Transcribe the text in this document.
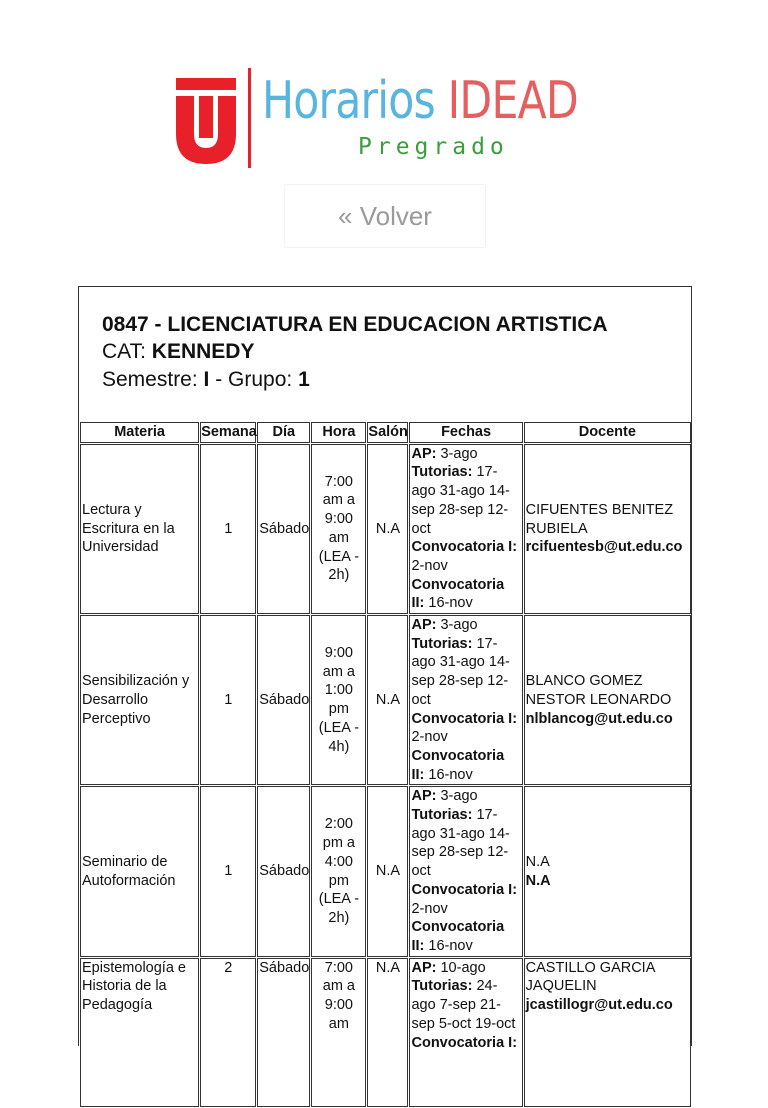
Horarios IDEAD
Pregrado
« Volver
0847 - LICENCIATURA EN EDUCACION ARTISTICA
CAT: KENNEDY
Semestre: I - Grupo: 1
Materia	Semana	Día	Hora	Salón	Fechas	Docente
Lectura y Escritura en la Universidad	1	Sábado	7:00 am a 9:00 am (LEA - 2h)	N.A	AP: 3-ago
Tutorias: 17-ago 31-ago 14-sep 28-sep 12-oct
Convocatoria I: 2-nov
Convocatoria II: 16-nov	CIFUENTES BENITEZ RUBIELA
rcifuentesb@ut.edu.co

Sensibilización y Desarrollo Perceptivo	1	Sábado	9:00 am a 1:00 pm (LEA - 4h)	N.A	AP: 3-ago
Tutorias: 17-ago 31-ago 14-sep 28-sep 12-oct
Convocatoria I: 2-nov
Convocatoria II: 16-nov	BLANCO GOMEZ NESTOR LEONARDO
nlblancog@ut.edu.co

Seminario de Autoformación	1	Sábado	2:00 pm a 4:00 pm (LEA - 2h)	N.A	AP: 3-ago
Tutorias: 17-ago 31-ago 14-sep 28-sep 12-oct
Convocatoria I: 2-nov
Convocatoria II: 16-nov	N.A
N.A

Epistemología e Historia de la Pedagogía	2	Sábado	7:00 am a 9:00 am	N.A	AP: 10-ago
Tutorias: 24-ago 7-sep 21-sep 5-oct 19-oct
Convocatoria I:	CASTILLO GARCIA JAQUELIN
jcastillogr@ut.edu.co
